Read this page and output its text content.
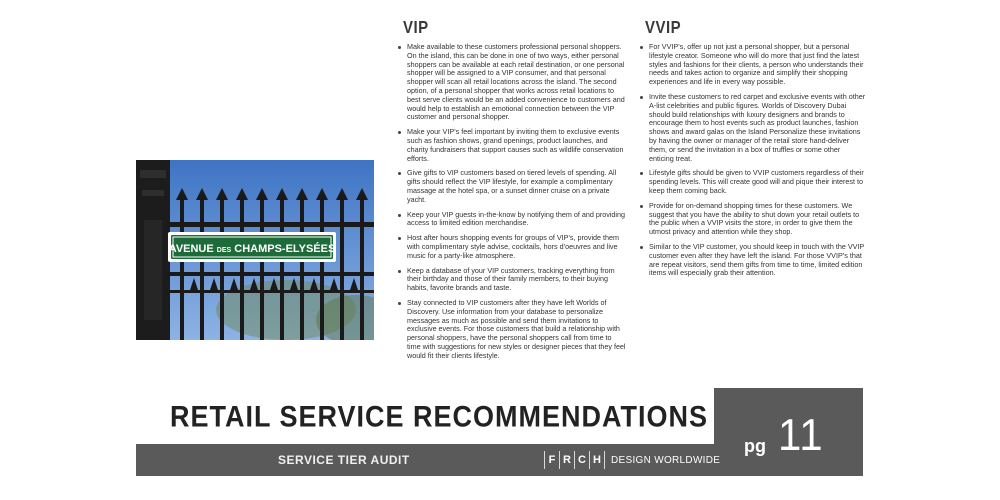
AVENUE DES CHAMPS-ELYSÉES
VIP
Make available to these customers professional personal shoppers. On the island, this can be done in one of two ways, either personal shoppers can be available at each retail destination, or one personal shopper will be assigned to a VIP consumer, and that personal shopper will scan all retail locations across the island. The second option, of a personal shopper that works across retail locations to best serve clients would be an added convenience to customers and would help to establish an emotional connection between the VIP customer and personal shopper.
Make your VIP’s feel important by inviting them to exclusive events such as fashion shows, grand openings, product launches, and charity fundraisers that support causes such as wildlife conservation efforts.
Give gifts to VIP customers based on tiered levels of spending. All gifts should reflect the VIP lifestyle, for example a complimentary massage at the hotel spa, or a sunset dinner cruise on a private yacht.
Keep your VIP guests in-the-know by notifying them of and providing access to limited edition merchandise.
Host after hours shopping events for groups of VIP’s, provide them with complimentary style advise, cocktails, hors d’oeuvres and live music for a party-like atmosphere.
Keep a database of your VIP customers, tracking everything from their birthday and those of their family members, to their buying habits, favorite brands and taste.
Stay connected to VIP customers after they have left Worlds of Discovery. Use information from your database to personalize messages as much as possible and send them invitations to exclusive events. For those customers that build a relationship with personal shoppers, have the personal shoppers call from time to time with suggestions for new styles or designer pieces that they feel would fit their clients lifestyle.
VVIP
For VVIP’s, offer up not just a personal shopper, but a personal lifestyle creator. Someone who will do more that just find the latest styles and fashions for their clients, a person who understands their needs and takes action to organize and simplify their shopping experiences and life in every way possible.
Invite these customers to red carpet and exclusive events with other A-list celebrities and public figures. Worlds of Discovery Dubai should build relationships with luxury designers and brands to encourage them to host events such as product launches, fashion shows and award galas on the Island Personalize these invitations by having the owner or manager of the retail store hand-deliver them, or send the invitation in a box of truffles or some other enticing treat.
Lifestyle gifts should be given to VVIP customers regardless of their spending levels. This will create good will and pique their interest to keep them coming back.
Provide for on-demand shopping times for these customers. We suggest that you have the ability to shut down your retail outlets to the public when a VVIP visits the store, in order to give them the utmost privacy and attention while they shop.
Similar to the VIP customer, you should keep in touch with the VVIP customer even after they have left the island. For those VVIP’s that are repeat visitors, send them gifts from time to time, limited edition items will especially grab their attention.
RETAIL SERVICE RECOMMENDATIONS
SERVICE TIER AUDIT	F R C H	DESIGN WORLDWIDE
pg 11
